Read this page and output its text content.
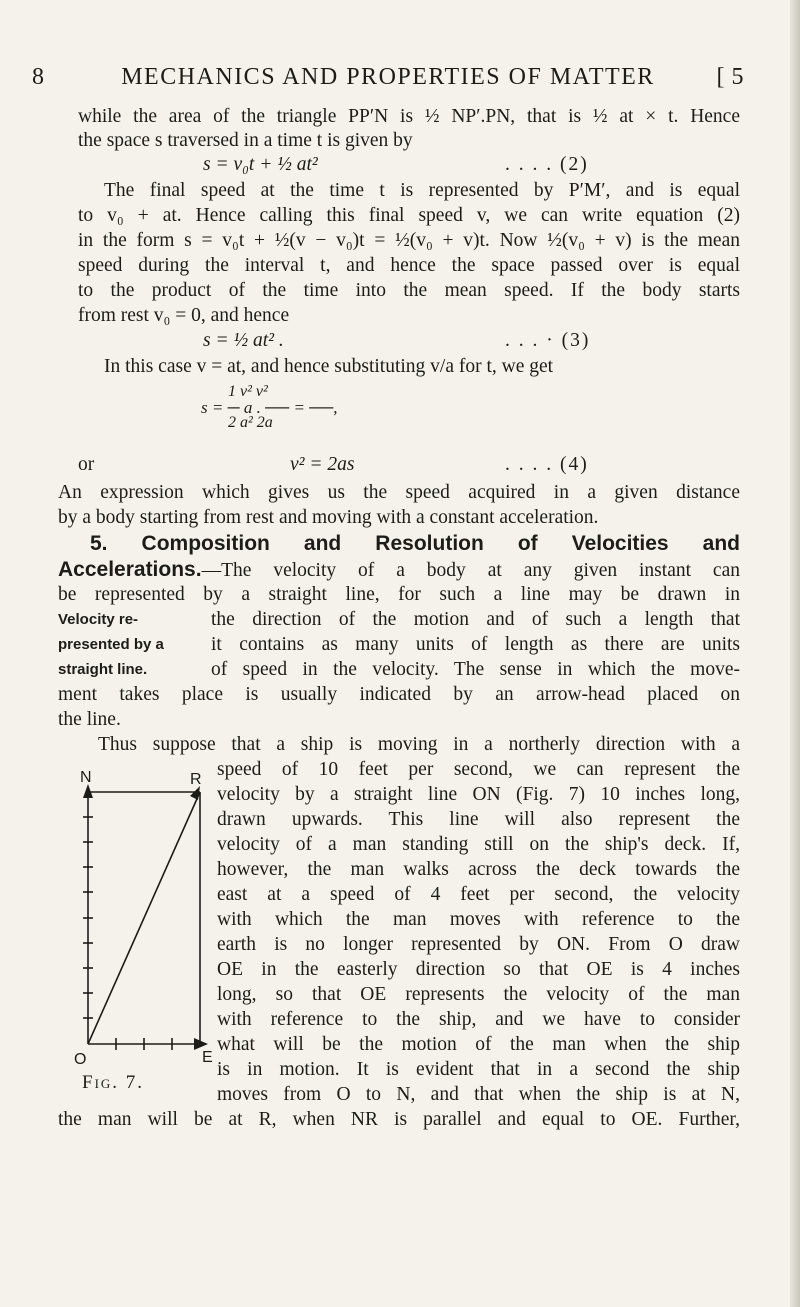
8	MECHANICS AND PROPERTIES OF MATTER	[ 5
while the area of the triangle PP′N is ½ NP′.PN, that is ½ at × t. Hence
the space s traversed in a time t is given by
s = v₀t + ½ at²	. . . . (2)
The final speed at the time t is represented by P′M′, and is equal
to v₀ + at. Hence calling this final speed v, we can write equation (2)
in the form s = v₀t + ½(v − v₀)t = ½(v₀ + v)t. Now ½(v₀ + v) is the mean
speed during the interval t, and hence the space passed over is equal
to the product of the time into the mean speed. If the body starts
from rest v₀ = 0, and hence
s = ½ at² .	. . . · (3)
In this case v = at, and hence substituting v/a for t, we get
1 v² v²
s = ─ a . ── = ──,
2 a² 2a
or	v² = 2as	. . . . (4)
An expression which gives us the speed acquired in a given distance
by a body starting from rest and moving with a constant acceleration.
5. Composition and Resolution of Velocities and
Accelerations.—The velocity of a body at any given instant can
be represented by a straight line, for such a line may be drawn in
Velocity re-
presented by a
straight line.
the direction of the motion and of such a length that
it contains as many units of length as there are units
of speed in the velocity. The sense in which the move-
ment takes place is usually indicated by an arrow-head placed on
the line.
Thus suppose that a ship is moving in a northerly direction with a
speed of 10 feet per second, we can represent the
velocity by a straight line ON (Fig. 7) 10 inches long,
drawn upwards. This line will also represent the
velocity of a man standing still on the ship's deck. If,
however, the man walks across the deck towards the
east at a speed of 4 feet per second, the velocity
with which the man moves with reference to the
earth is no longer represented by ON. From O draw
OE in the easterly direction so that OE is 4 inches
long, so that OE represents the velocity of the man
with reference to the ship, and we have to consider
what will be the motion of the man when the ship
is in motion. It is evident that in a second the ship
moves from O to N, and that when the ship is at N,
the man will be at R, when NR is parallel and equal to OE. Further,
N	R
O	E
Fig. 7.
